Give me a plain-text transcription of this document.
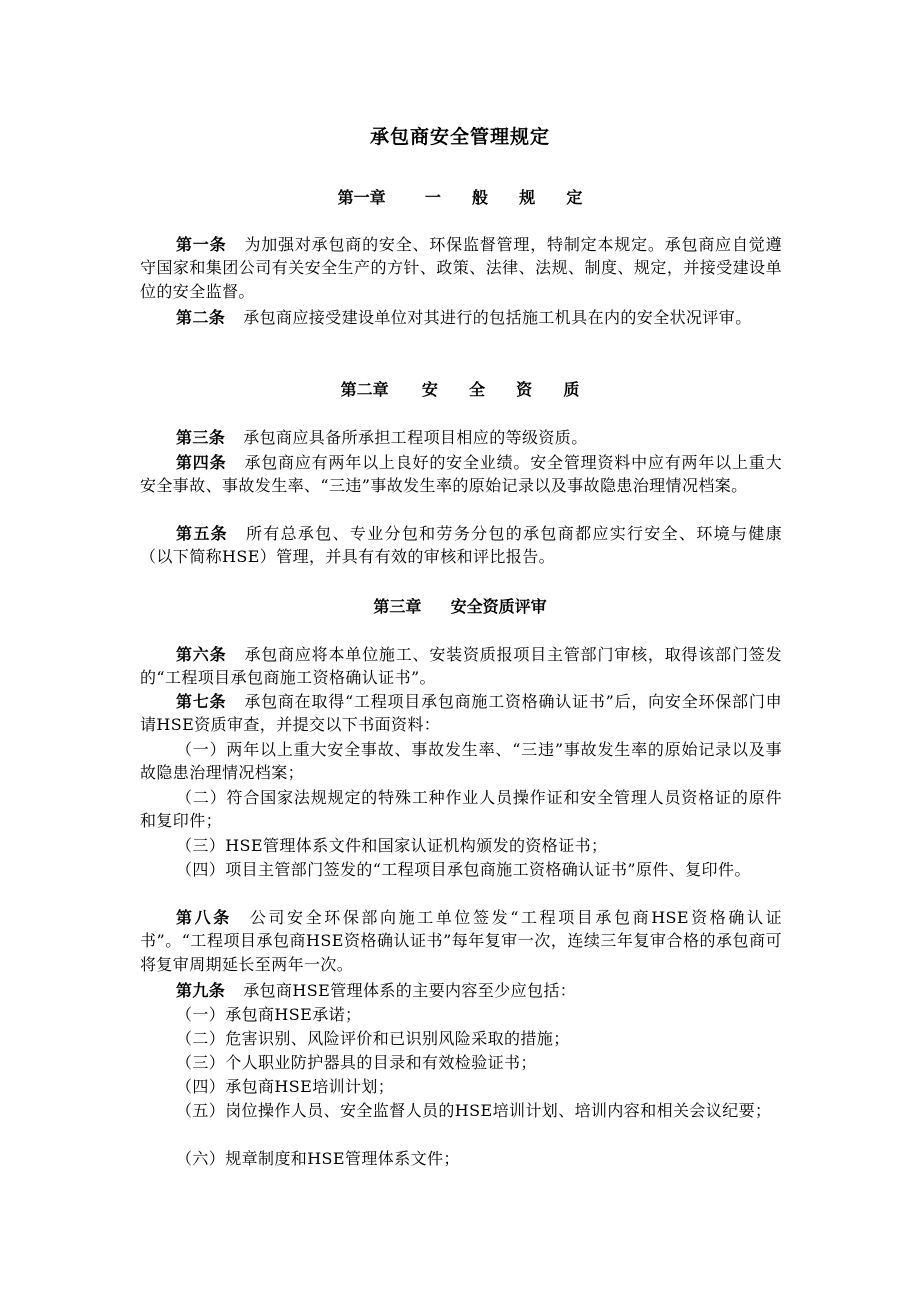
承包商安全管理规定
第一章 一 般 规 定

第一条 为加强对承包商的安全、环保监督管理，特制定本规定。承包商应自觉遵守国家和集团公司有关安全生产的方针、政策、法律、法规、制度、规定，并接受建设单位的安全监督。

第二条 承包商应接受建设单位对其进行的包括施工机具在内的安全状况评审。

第二章 安 全 资 质

第三条 承包商应具备所承担工程项目相应的等级资质。

第四条 承包商应有两年以上良好的安全业绩。安全管理资料中应有两年以上重大安全事故、事故发生率、“三违”事故发生率的原始记录以及事故隐患治理情况档案。

第五条 所有总承包、专业分包和劳务分包的承包商都应实行安全、环境与健康（以下简称HSE）管理，并具有有效的审核和评比报告。

第三章 安全资质评审

第六条 承包商应将本单位施工、安装资质报项目主管部门审核，取得该部门签发的“工程项目承包商施工资格确认证书”。

第七条 承包商在取得“工程项目承包商施工资格确认证书”后，向安全环保部门申请HSE资质审查，并提交以下书面资料：

（一）两年以上重大安全事故、事故发生率、“三违”事故发生率的原始记录以及事故隐患治理情况档案；

（二）符合国家法规规定的特殊工种作业人员操作证和安全管理人员资格证的原件和复印件；

（三）HSE管理体系文件和国家认证机构颁发的资格证书；

（四）项目主管部门签发的“工程项目承包商施工资格确认证书”原件、复印件。

第八条 公司安全环保部向施工单位签发“工程项目承包商HSE资格确认证书”。“工程项目承包商HSE资格确认证书”每年复审一次，连续三年复审合格的承包商可将复审周期延长至两年一次。

第九条 承包商HSE管理体系的主要内容至少应包括：

（一）承包商HSE承诺；

（二）危害识别、风险评价和已识别风险采取的措施；

（三）个人职业防护器具的目录和有效检验证书；

（四）承包商HSE培训计划；

（五）岗位操作人员、安全监督人员的HSE培训计划、培训内容和相关会议纪要；

（六）规章制度和HSE管理体系文件；
